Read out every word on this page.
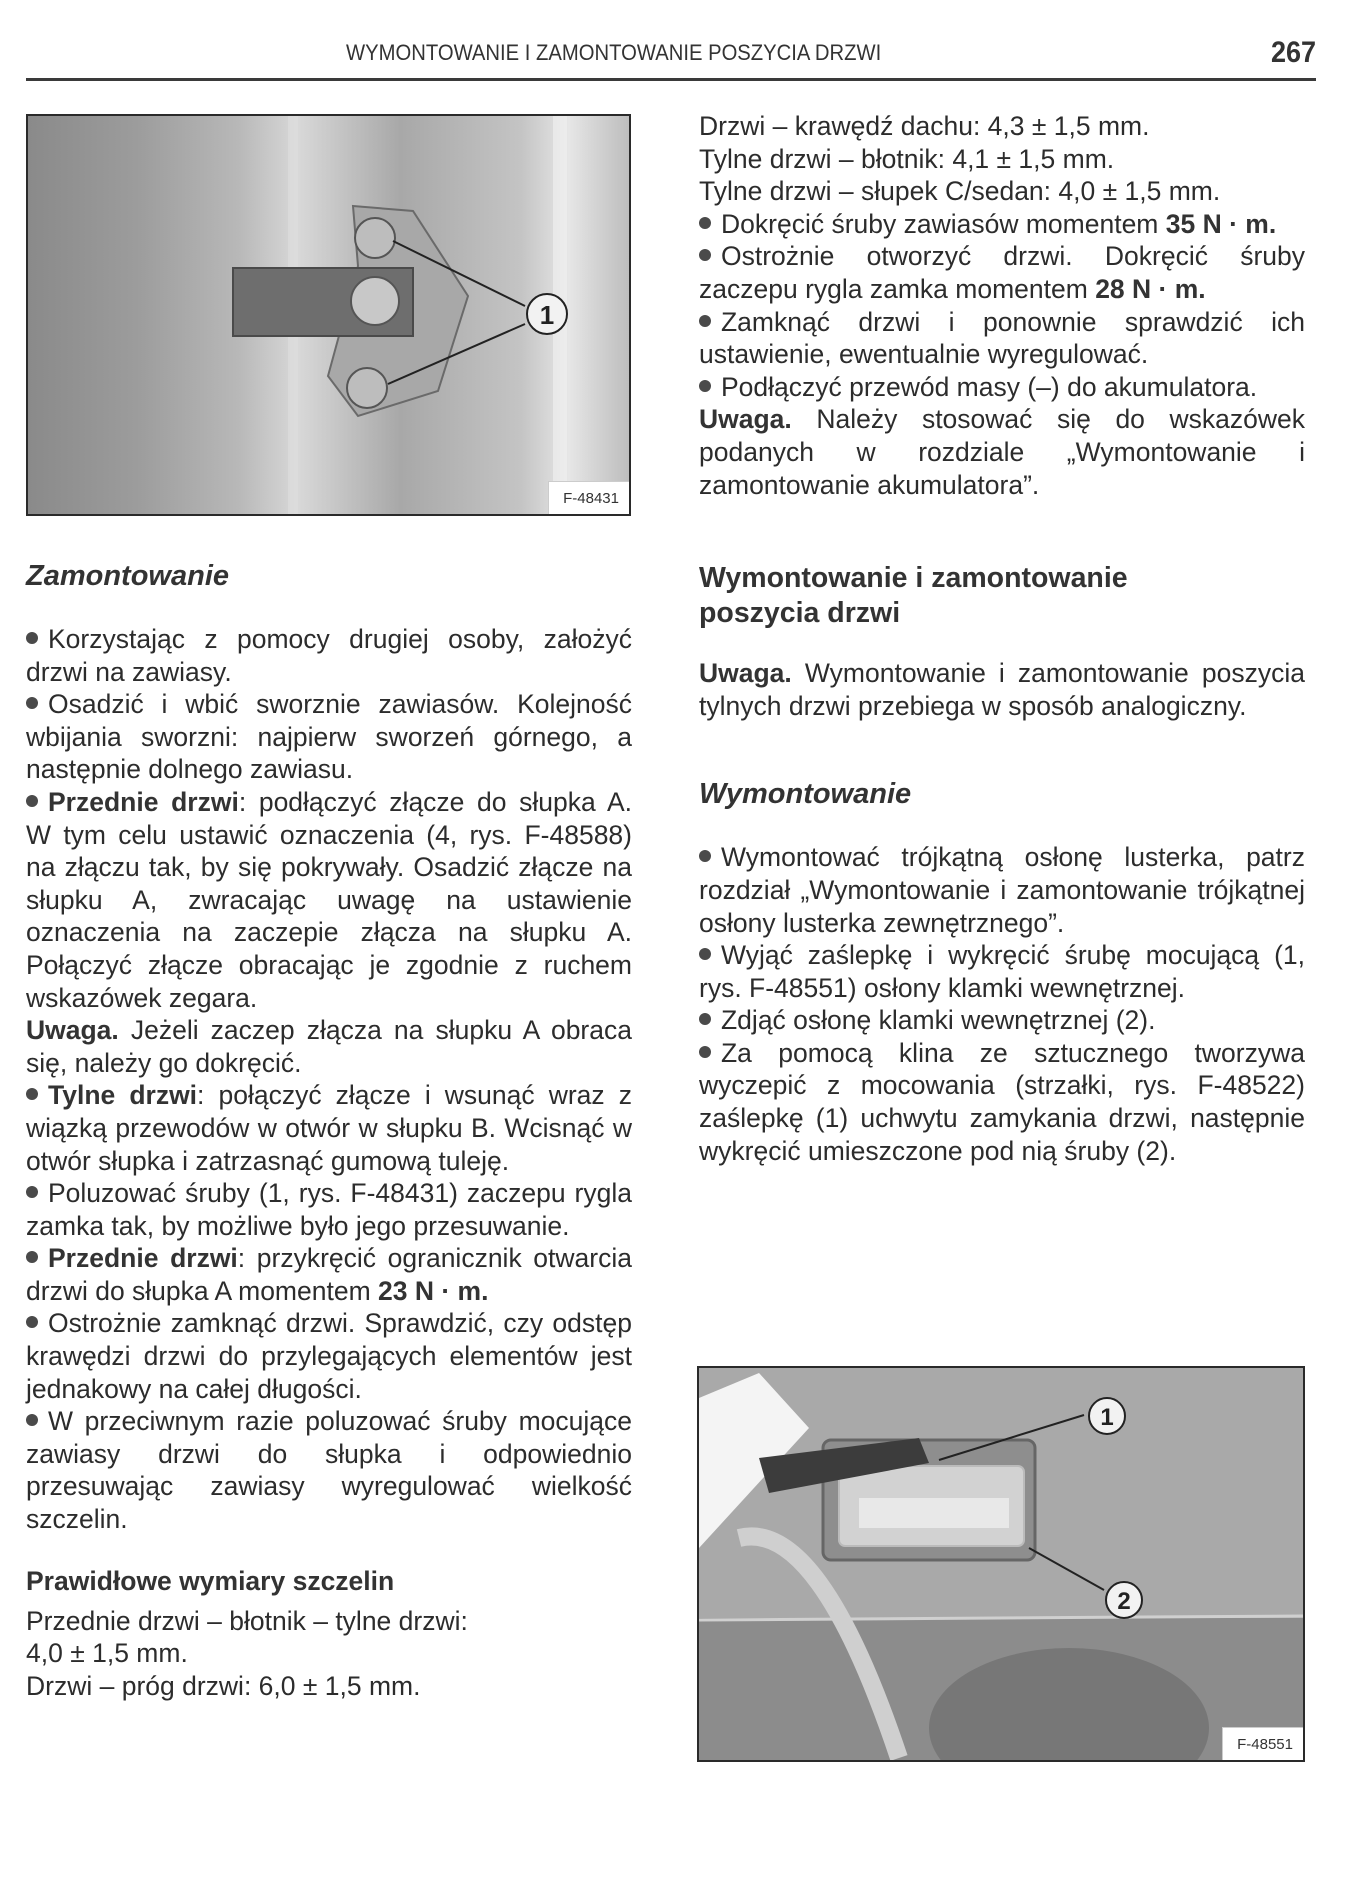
WYMONTOWANIE I ZAMONTOWANIE POSZYCIA DRZWI	267
1
F-48431
Zamontowanie

Korzystając z pomocy drugiej osoby, założyć drzwi na zawiasy.

Osadzić i wbić sworznie zawiasów. Kolejność wbijania sworzni: najpierw sworzeń górnego, a następnie dolnego zawiasu.

Przednie drzwi: podłączyć złącze do słupka A. W tym celu ustawić oznaczenia (4, rys. F-48588) na złączu tak, by się pokrywały. Osadzić złącze na słupku A, zwracając uwagę na ustawienie oznaczenia na zaczepie złącza na słupku A. Połączyć złącze obracając je zgodnie z ruchem wskazówek zegara.

Uwaga. Jeżeli zaczep złącza na słupku A obraca się, należy go dokręcić.

Tylne drzwi: połączyć złącze i wsunąć wraz z wiązką przewodów w otwór w słupku B. Wcisnąć w otwór słupka i zatrzasnąć gumową tuleję.

Poluzować śruby (1, rys. F-48431) zaczepu rygla zamka tak, by możliwe było jego przesuwanie.

Przednie drzwi: przykręcić ogranicznik otwarcia drzwi do słupka A momentem 23 N · m.

Ostrożnie zamknąć drzwi. Sprawdzić, czy odstęp krawędzi drzwi do przylegających elementów jest jednakowy na całej długości.

W przeciwnym razie poluzować śruby mocujące zawiasy drzwi do słupka i odpowiednio przesuwając zawiasy wyregulować wielkość szczelin.

Prawidłowe wymiary szczelin

Przednie drzwi – błotnik – tylne drzwi:

4,0 ± 1,5 mm.

Drzwi – próg drzwi: 6,0 ± 1,5 mm.

Drzwi – krawędź dachu: 4,3 ± 1,5 mm.

Tylne drzwi – błotnik: 4,1 ± 1,5 mm.

Tylne drzwi – słupek C/sedan: 4,0 ± 1,5 mm.

Dokręcić śruby zawiasów momentem 35 N · m.

Ostrożnie otworzyć drzwi. Dokręcić śruby zaczepu rygla zamka momentem 28 N · m.

Zamknąć drzwi i ponownie sprawdzić ich ustawienie, ewentualnie wyregulować.

Podłączyć przewód masy (–) do akumulatora.

Uwaga. Należy stosować się do wskazówek podanych w rozdziale „Wymontowanie i zamontowanie akumulatora”.

Wymontowanie i zamontowanie poszycia drzwi

Uwaga. Wymontowanie i zamontowanie poszycia tylnych drzwi przebiega w sposób analogiczny.

Wymontowanie

Wymontować trójkątną osłonę lusterka, patrz rozdział „Wymontowanie i zamontowanie trójkątnej osłony lusterka zewnętrznego”.

Wyjąć zaślepkę i wykręcić śrubę mocującą (1, rys. F-48551) osłony klamki wewnętrznej.

Zdjąć osłonę klamki wewnętrznej (2).

Za pomocą klina ze sztucznego tworzywa wyczepić z mocowania (strzałki, rys. F-48522) zaślepkę (1) uchwytu zamykania drzwi, następnie wykręcić umieszczone pod nią śruby (2).

1
2
F-48551
